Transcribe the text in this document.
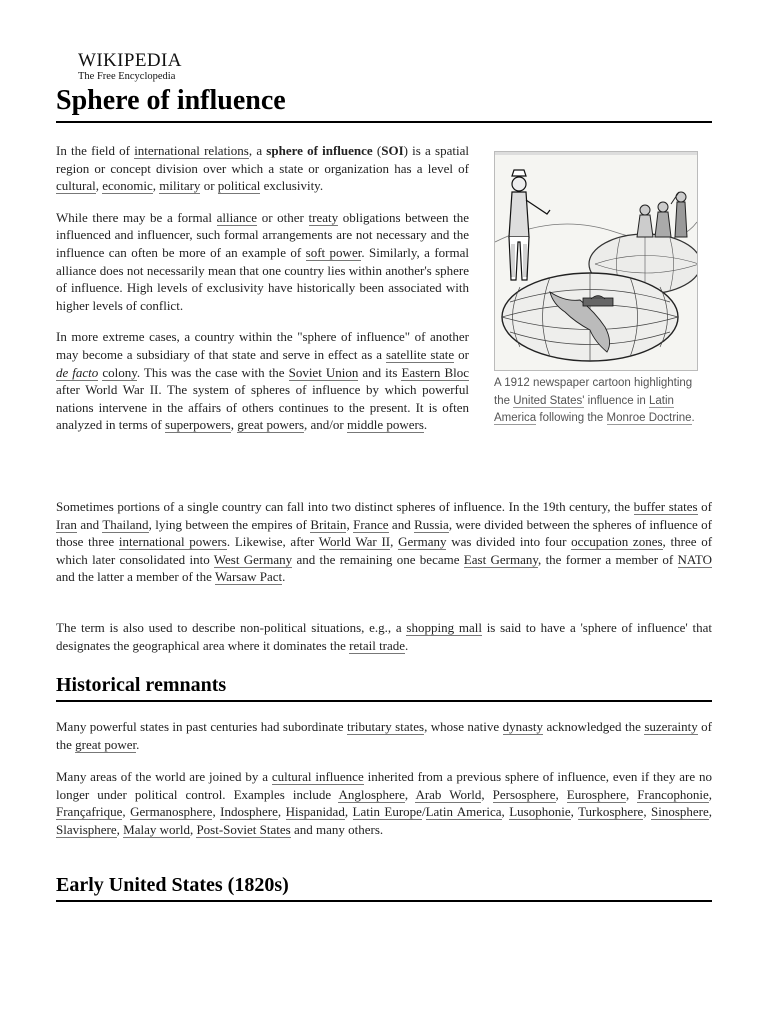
WIKIPEDIA
The Free Encyclopedia
Sphere of influence

In the field of international relations, a sphere of influence (SOI) is a spatial region or concept division over which a state or organization has a level of cultural, economic, military or political exclusivity.

While there may be a formal alliance or other treaty obligations between the influenced and influencer, such formal arrangements are not necessary and the influence can often be more of an example of soft power. Similarly, a formal alliance does not necessarily mean that one country lies within another's sphere of influence. High levels of exclusivity have historically been associated with higher levels of conflict.

In more extreme cases, a country within the "sphere of influence" of another may become a subsidiary of that state and serve in effect as a satellite state or de facto colony. This was the case with the Soviet Union and its Eastern Bloc after World War II. The system of spheres of influence by which powerful nations intervene in the affairs of others continues to the present. It is often analyzed in terms of superpowers, great powers, and/or middle powers.

A 1912 newspaper cartoon highlighting the United States' influence in Latin America following the Monroe Doctrine.

Sometimes portions of a single country can fall into two distinct spheres of influence. In the 19th century, the buffer states of Iran and Thailand, lying between the empires of Britain, France and Russia, were divided between the spheres of influence of those three international powers. Likewise, after World War II, Germany was divided into four occupation zones, three of which later consolidated into West Germany and the remaining one became East Germany, the former a member of NATO and the latter a member of the Warsaw Pact.

The term is also used to describe non-political situations, e.g., a shopping mall is said to have a 'sphere of influence' that designates the geographical area where it dominates the retail trade.

Historical remnants

Many powerful states in past centuries had subordinate tributary states, whose native dynasty acknowledged the suzerainty of the great power.

Many areas of the world are joined by a cultural influence inherited from a previous sphere of influence, even if they are no longer under political control. Examples include Anglosphere, Arab World, Persosphere, Eurosphere, Francophonie, Françafrique, Germanosphere, Indosphere, Hispanidad, Latin Europe/Latin America, Lusophonie, Turkosphere, Sinosphere, Slavisphere, Malay world, Post-Soviet States and many others.

Early United States (1820s)
